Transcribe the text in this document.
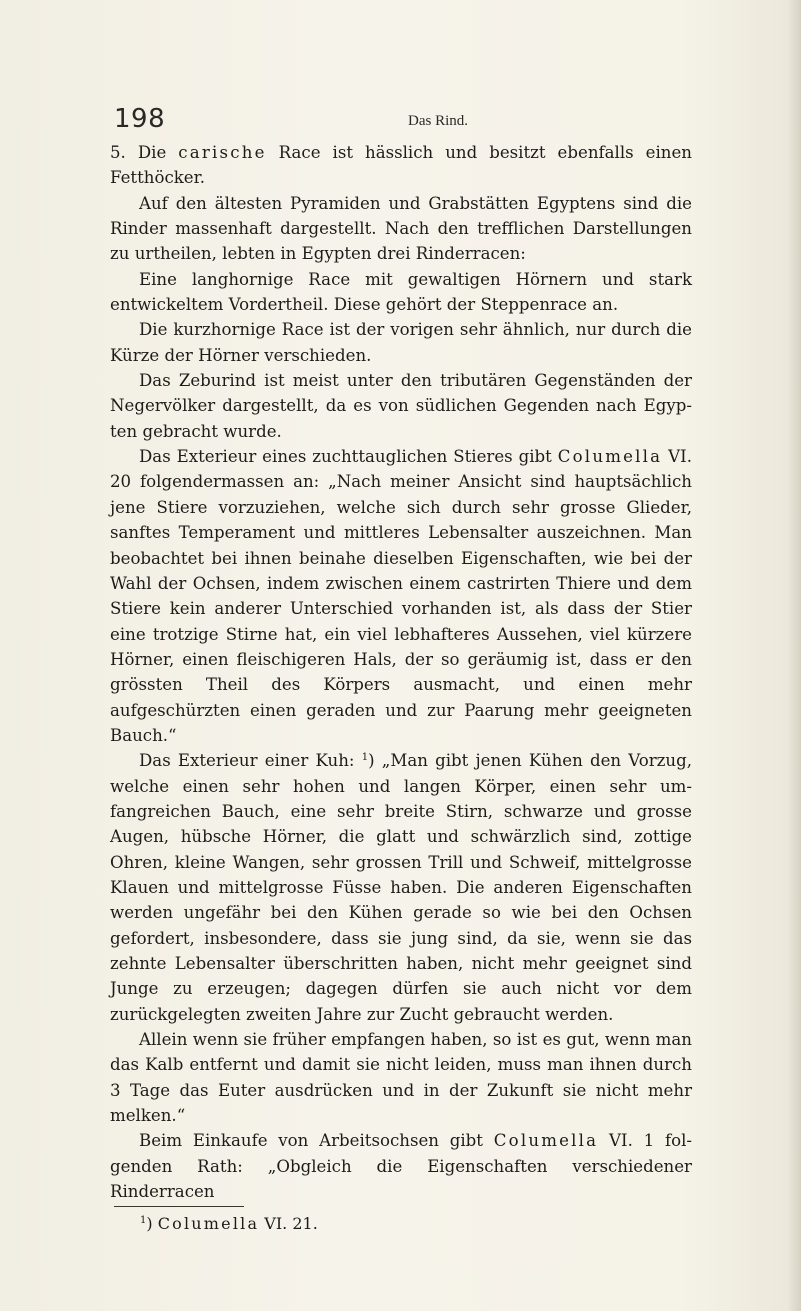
198	Das Rind.

5. Die carische Race ist hässlich und besitzt ebenfalls einen Fetthöcker.

Auf den ältesten Pyramiden und Grabstätten Egyptens sind die Rinder massenhaft dargestellt. Nach den trefflichen Darstellungen zu urtheilen, lebten in Egypten drei Rinderracen:

Eine langhornige Race mit gewaltigen Hörnern und stark entwickeltem Vordertheil. Diese gehört der Steppenrace an.

Die kurzhornige Race ist der vorigen sehr ähnlich, nur durch die Kürze der Hörner verschieden.

Das Zeburind ist meist unter den tributären Gegenständen der Negervölker dargestellt, da es von südlichen Gegenden nach Egypten gebracht wurde.

Das Exterieur eines zuchttauglichen Stieres gibt Columella VI. 20 folgendermassen an: „Nach meiner Ansicht sind hauptsächlich jene Stiere vorzuziehen, welche sich durch sehr grosse Glieder, sanftes Temperament und mittleres Lebensalter auszeichnen. Man beobachtet bei ihnen beinahe dieselben Eigenschaften, wie bei der Wahl der Ochsen, indem zwischen einem castrirten Thiere und dem Stiere kein anderer Unterschied vorhanden ist, als dass der Stier eine trotzige Stirne hat, ein viel lebhafteres Aussehen, viel kürzere Hörner, einen fleischigeren Hals, der so geräumig ist, dass er den grössten Theil des Körpers ausmacht, und einen mehr aufgeschürzten einen geraden und zur Paarung mehr geeigneten Bauch.“

Das Exterieur einer Kuh: $^1$) „Man gibt jenen Kühen den Vorzug, welche einen sehr hohen und langen Körper, einen sehr umfangreichen Bauch, eine sehr breite Stirn, schwarze und grosse Augen, hübsche Hörner, die glatt und schwärzlich sind, zottige Ohren, kleine Wangen, sehr grossen Trill und Schweif, mittelgrosse Klauen und mittelgrosse Füsse haben. Die anderen Eigenschaften werden ungefähr bei den Kühen gerade so wie bei den Ochsen gefordert, insbesondere, dass sie jung sind, da sie, wenn sie das zehnte Lebensalter überschritten haben, nicht mehr geeignet sind Junge zu erzeugen; dagegen dürfen sie auch nicht vor dem zurückgelegten zweiten Jahre zur Zucht gebraucht werden.

Allein wenn sie früher empfangen haben, so ist es gut, wenn man das Kalb entfernt und damit sie nicht leiden, muss man ihnen durch 3 Tage das Euter ausdrücken und in der Zukunft sie nicht mehr melken.“

Beim Einkaufe von Arbeitsochsen gibt Columella VI. 1 folgenden Rath: „Obgleich die Eigenschaften verschiedener Rinderracen

$^1$) Columella VI. 21.
